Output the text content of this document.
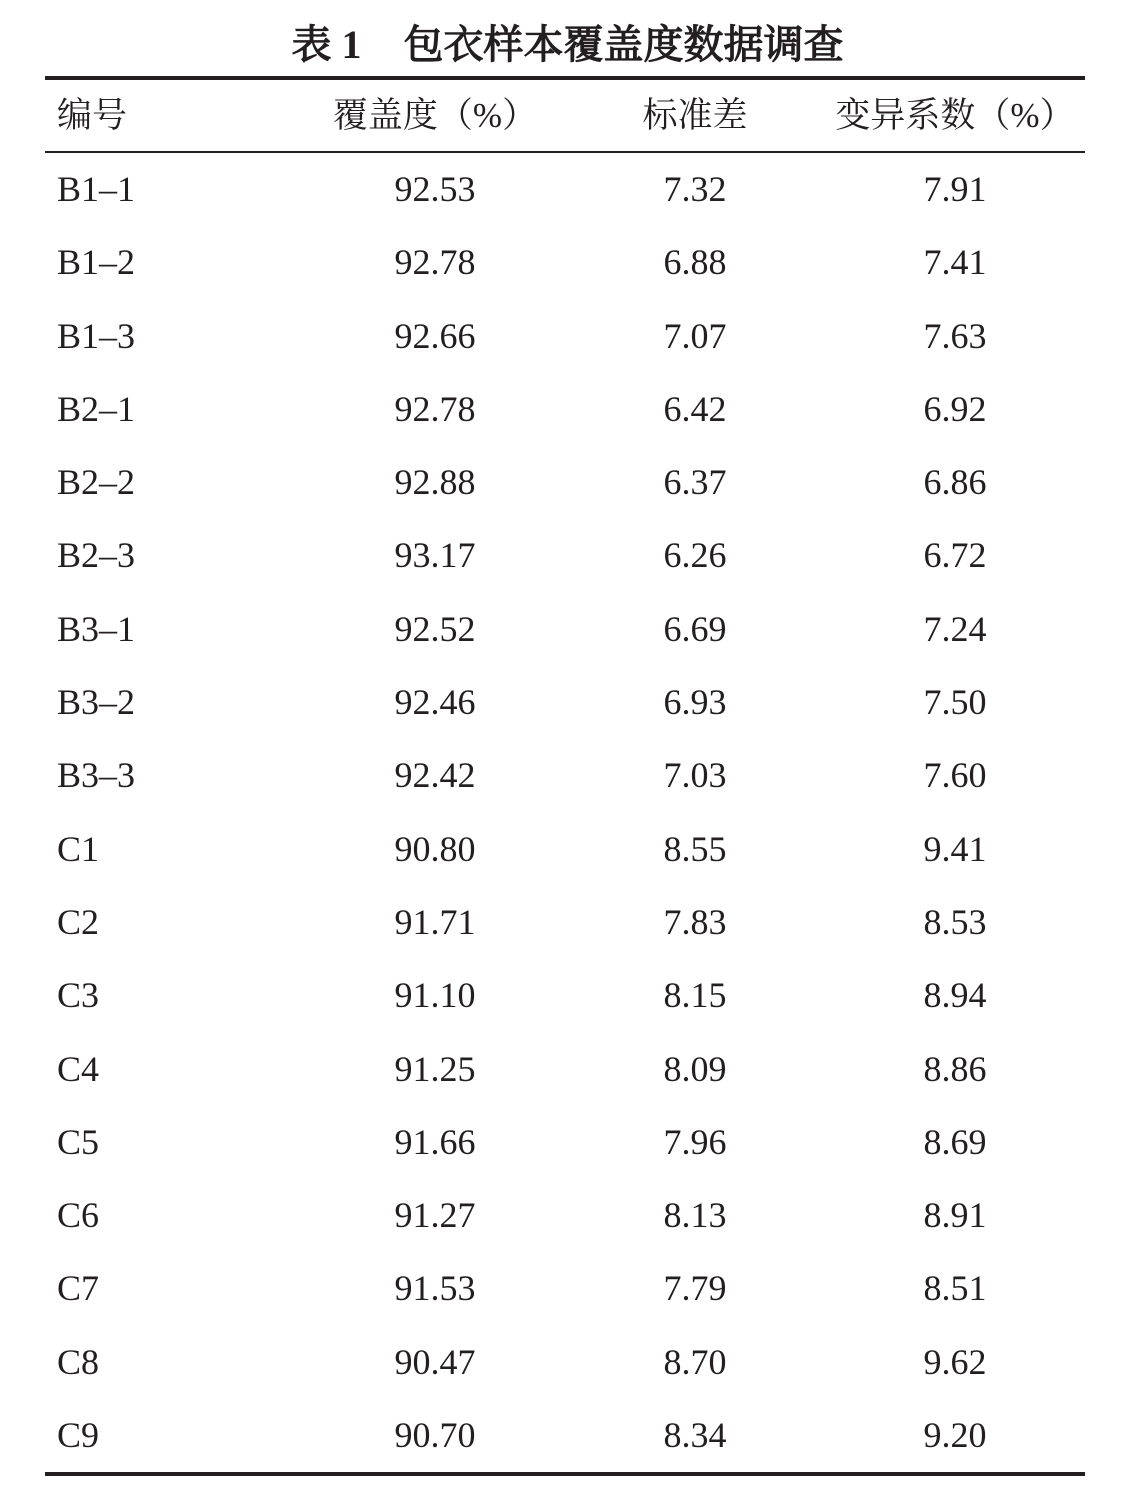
表 1 包衣样本覆盖度数据调查
编号	覆盖度（%）	标准差	变异系数（%）
B1–1	92.53	7.32	7.91
B1–2	92.78	6.88	7.41
B1–3	92.66	7.07	7.63
B2–1	92.78	6.42	6.92
B2–2	92.88	6.37	6.86
B2–3	93.17	6.26	6.72
B3–1	92.52	6.69	7.24
B3–2	92.46	6.93	7.50
B3–3	92.42	7.03	7.60
C1	90.80	8.55	9.41
C2	91.71	7.83	8.53
C3	91.10	8.15	8.94
C4	91.25	8.09	8.86
C5	91.66	7.96	8.69
C6	91.27	8.13	8.91
C7	91.53	7.79	8.51
C8	90.47	8.70	9.62
C9	90.70	8.34	9.20
